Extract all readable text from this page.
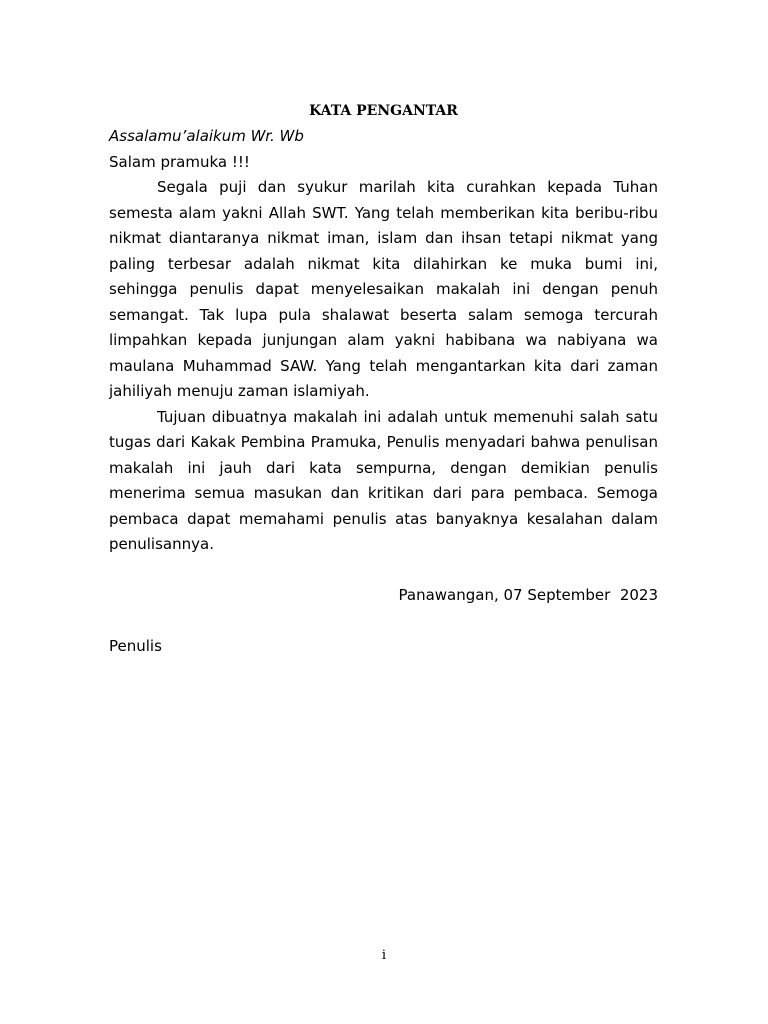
KATA PENGANTAR

Assalamu’alaikum Wr. Wb

Salam pramuka !!!

Segala puji dan syukur marilah kita curahkan kepada Tuhan semesta alam yakni Allah SWT. Yang telah memberikan kita beribu-ribu nikmat diantaranya nikmat iman, islam dan ihsan tetapi nikmat yang paling terbesar adalah nikmat kita dilahirkan ke muka bumi ini, sehingga penulis dapat menyelesaikan makalah ini dengan penuh semangat. Tak lupa pula shalawat beserta salam semoga tercurah limpahkan kepada junjungan alam yakni habibana wa nabiyana wa maulana Muhammad SAW. Yang telah mengantarkan kita dari zaman jahiliyah menuju zaman islamiyah.

Tujuan dibuatnya makalah ini adalah untuk memenuhi salah satu tugas dari Kakak Pembina Pramuka, Penulis menyadari bahwa penulisan makalah ini jauh dari kata sempurna, dengan demikian penulis menerima semua masukan dan kritikan dari para pembaca. Semoga pembaca dapat memahami penulis atas banyaknya kesalahan dalam penulisannya.

Panawangan, 07 September  2023

Penulis

i
